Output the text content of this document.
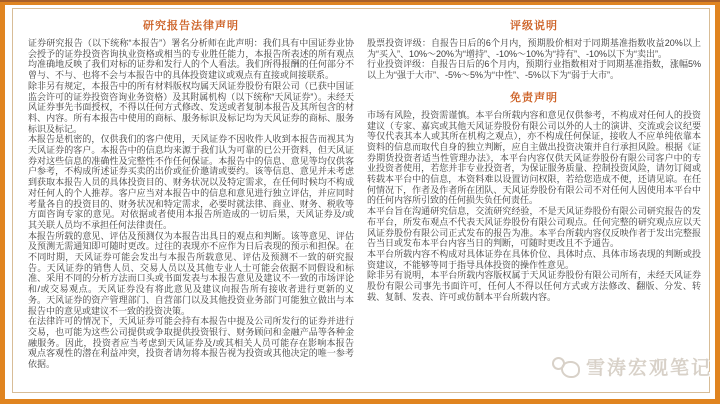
研究报告法律声明

证券研究报告（以下统称“本报告”）署名分析师在此声明：我们具有中国证券业协会授予的证券投资咨询执业资格或相当的专业胜任能力，本报告所表述的所有观点均准确地反映了我们对标的证券和发行人的个人看法。我们所得报酬的任何部分不曾与、不与、也将不会与本报告中的具体投资建议或观点有直接或间接联系。

除非另有规定，本报告中的所有材料版权均属天风证券股份有限公司（已获中国证监会许可的证券投资咨询业务资格）及其附属机构（以下统称“天风证券”）。未经天风证券事先书面授权，不得以任何方式修改、发送或者复制本报告及其所包含的材料、内容。所有本报告中使用的商标、服务标识及标记均为天风证券的商标、服务标识及标记。

本报告是机密的，仅供我们的客户使用，天风证券不因收件人收到本报告而视其为天风证券的客户。本报告中的信息均来源于我们认为可靠的已公开资料，但天风证券对这些信息的准确性及完整性不作任何保证。本报告中的信息、意见等均仅供客户参考，不构成所述证券买卖的出价或征价邀请或要约。该等信息、意见并未考虑到获取本报告人员的具体投资目的、财务状况以及特定需求，在任何时候均不构成对任何人的个人推荐。客户应当对本报告中的信息和意见进行独立评估，并应同时考量各自的投资目的、财务状况和特定需求，必要时就法律、商业、财务、税收等方面咨询专家的意见。对依据或者使用本报告所造成的一切后果，天风证券及/或其关联人员均不承担任何法律责任。

本报告所载的意见、评估及预测仅为本报告出具日的观点和判断。该等意见、评估及预测无需通知即可随时更改。过往的表现亦不应作为日后表现的预示和担保。在不同时期，天风证券可能会发出与本报告所载意见、评估及预测不一致的研究报告。天风证券的销售人员、交易人员以及其他专业人士可能会依据不同假设和标准、采用不同的分析方法而口头或书面发表与本报告意见及建议不一致的市场评论和/或交易观点。天风证券没有将此意见及建议向报告所有接收者进行更新的义务。天风证券的资产管理部门、自营部门以及其他投资业务部门可能独立做出与本报告中的意见或建议不一致的投资决策。

在法律许可的情况下，天风证券可能会持有本报告中提及公司所发行的证券并进行交易，也可能为这些公司提供或争取提供投资银行、财务顾问和金融产品等各种金融服务。因此，投资者应当考虑到天风证券及/或其相关人员可能存在影响本报告观点客观性的潜在利益冲突，投资者请勿将本报告视为投资或其他决定的唯一参考依据。

评级说明

股票投资评级：自报告日后的6个月内，预期股价相对于同期基准指数收益20%以上为“买入”、10%～20%为“增持”、-10%～10%为“持有”、-10%以下为“卖出”。

行业投资评级：自报告日后的6个月内，预期行业指数相对于同期基准指数，涨幅5%以上为“强于大市”、-5%～5%为“中性”、-5%以下为“弱于大市”。

免责声明

市场有风险，投资需谨慎。本平台所载内容和意见仅供参考，不构成对任何人的投资建议（专家、嘉宾或其他天风证券股份有限公司以外的人士的演讲、交流或会议纪要等仅代表其本人或其所在机构之观点），亦不构成任何保证，接收人不应单纯依靠本资料的信息而取代自身的独立判断，应自主做出投资决策并自行承担风险。根据《证券期货投资者适当性管理办法》，本平台内容仅供天风证券股份有限公司客户中的专业投资者使用，若您并非专业投资者，为保证服务质量、控制投资风险，请勿订阅或转载本平台中的信息，本资料难以设置访问权限，若给您造成不便，还请见谅。在任何情况下，作者及作者所在团队、天风证券股份有限公司不对任何人因使用本平台中的任何内容所引致的任何损失负任何责任。

本平台旨在沟通研究信息，交流研究经验，不是天风证券股份有限公司研究报告的发布平台，所发布观点不代表天风证券股份有限公司观点。任何完整的研究观点应以天风证券股份有限公司正式发布的报告为准。本平台所载内容仅反映作者于发出完整报告当日或发布本平台内容当日的判断，可随时更改且不予通告。

本平台所载内容不构成对具体证券在具体价位、具体时点、具体市场表现的判断或投资建议，不能够等同于指导具体投资的操作性意见。

除非另有说明，本平台所载内容版权属于天风证券股份有限公司所有，未经天风证券股份有限公司事先书面许可，任何人不得以任何方式或方法修改、翻版、分发、转载、复制、发表、许可或仿制本平台所载内容。

雪涛宏观笔记
